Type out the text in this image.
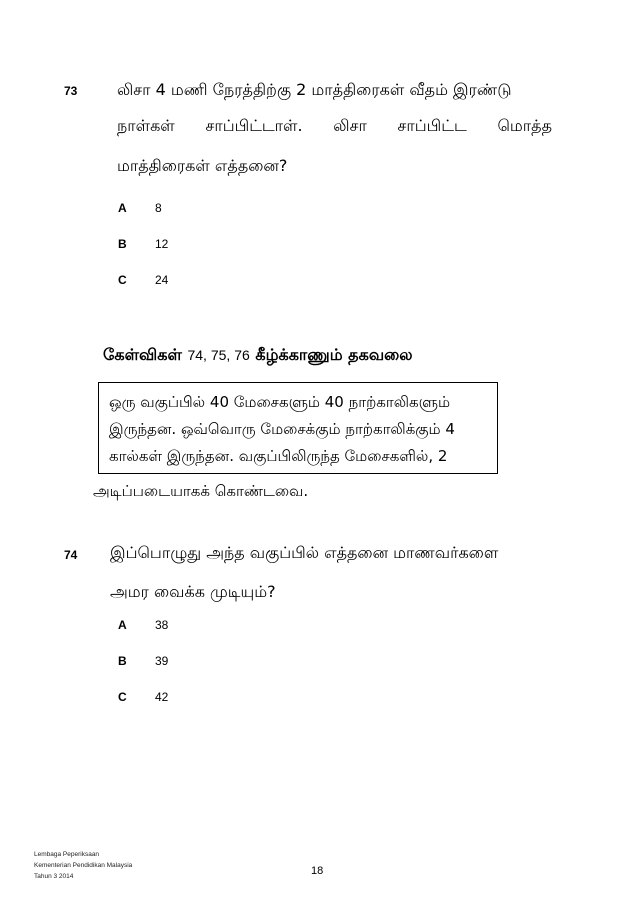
73 லிசா 4 மணி நேரத்திற்கு 2 மாத்திரைகள் வீதம் இரண்டு
நாள்கள் சாப்பிட்டாள். லிசா சாப்பிட்ட மொத்த
மாத்திரைகள் எத்தனை?
A 8
B 12
C 24
கேள்விகள் 74, 75, 76 கீழ்க்காணும் தகவலை
ஒரு வகுப்பில் 40 மேசைகளும் 40 நாற்காலிகளும்
இருந்தன. ஒவ்வொரு மேசைக்கும் நாற்காலிக்கும் 4
கால்கள் இருந்தன. வகுப்பிலிருந்த மேசைகளில், 2
அடிப்படையாகக் கொண்டவை.
74 இப்பொழுது அந்த வகுப்பில் எத்தனை மாணவர்களை
அமர வைக்க முடியும்?
A 38
B 39
C 42
Lembaga Peperiksaan
Kementerian Pendidikan Malaysia
Tahun 3 2014	18
